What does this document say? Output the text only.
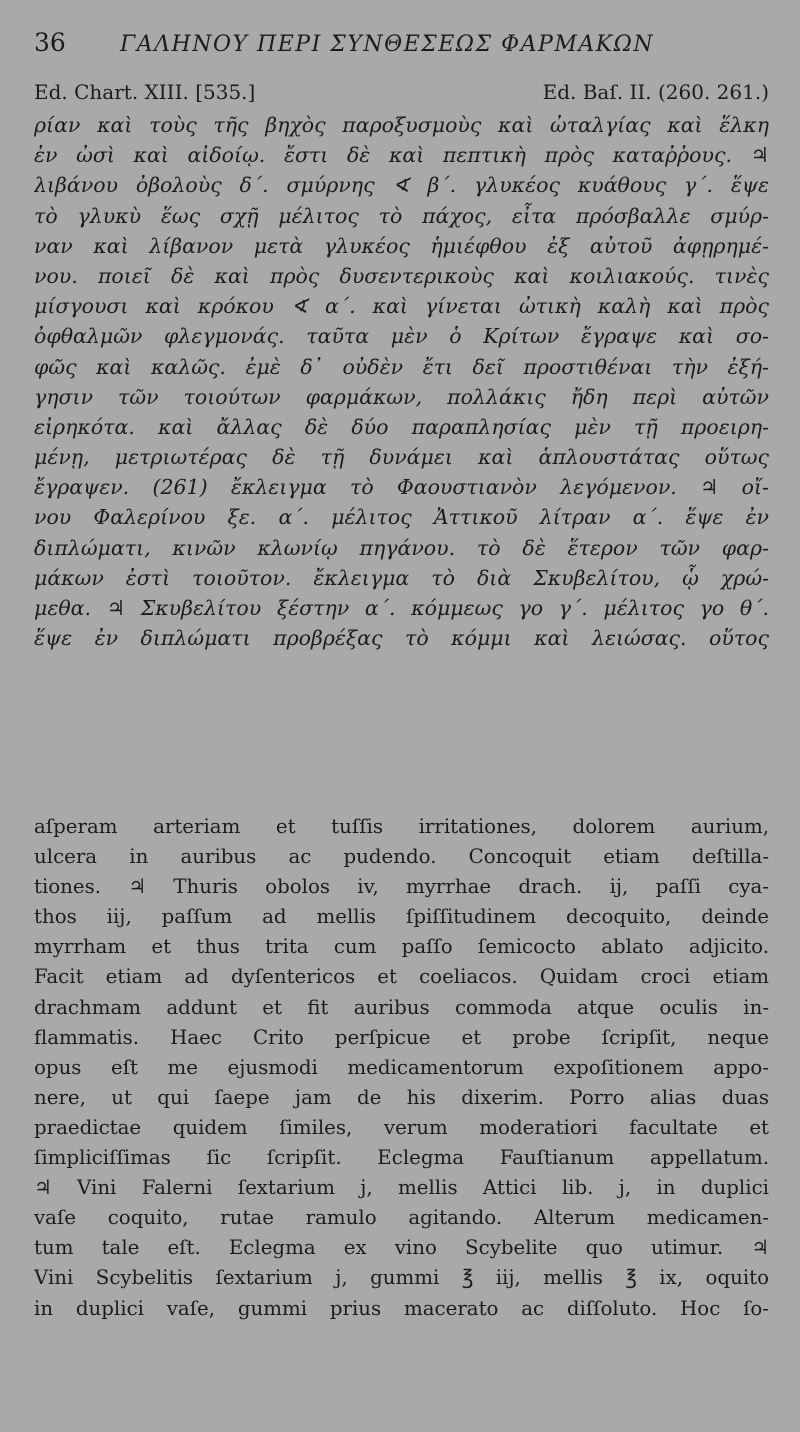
36 ΓΑΛΗΝΟΥ ΠΕΡΙ ΣΥΝΘΕΣΕΩΣ ΦΑΡΜΑΚΩΝ
Ed. Chart. XIII. [535.]	Ed. Baſ. II. (260. 261.)
ρίαν καὶ τοὺς τῆς βηχὸς παροξυσμοὺς καὶ ὠταλγίας καὶ ἕλκη
ἐν ὠσὶ καὶ αἰδοίῳ. ἔστι δὲ καὶ πεπτικὴ πρὸς καταῤῥους. ♃
λιβάνου ὀβολοὺς δ΄. σμύρνης ∢ β΄. γλυκέος κυάθους γ΄. ἕψε
τὸ γλυκὺ ἕως σχῇ μέλιτος τὸ πάχος, εἶτα πρόσβαλλε σμύρ-
ναν καὶ λίβανον μετὰ γλυκέος ἡμιέφθου ἐξ αὐτοῦ ἀφῃρημέ-
νου. ποιεῖ δὲ καὶ πρὸς δυσεντερικοὺς καὶ κοιλιακούς. τινὲς
μίσγουσι καὶ κρόκου ∢ α΄. καὶ γίνεται ὠτικὴ καλὴ καὶ πρὸς
ὀφθαλμῶν φλεγμονάς. ταῦτα μὲν ὁ Κρίτων ἔγραψε καὶ σο-
φῶς καὶ καλῶς. ἐμὲ δ᾽ οὐδὲν ἔτι δεῖ προστιθέναι τὴν ἐξή-
γησιν τῶν τοιούτων φαρμάκων, πολλάκις ἤδη περὶ αὐτῶν
εἰρηκότα. καὶ ἄλλας δὲ δύο παραπλησίας μὲν τῇ προειρη-
μένῃ, μετριωτέρας δὲ τῇ δυνάμει καὶ ἁπλουστάτας οὕτως
ἔγραψεν. (261) ἔκλειγμα τὸ Φαουστιανὸν λεγόμενον. ♃ οἴ-
νου Φαλερίνου ξε. α΄. μέλιτος Ἀττικοῦ λίτραν α΄. ἕψε ἐν
διπλώματι, κινῶν κλωνίῳ πηγάνου. τὸ δὲ ἕτερον τῶν φαρ-
μάκων ἐστὶ τοιοῦτον. ἔκλειγμα τὸ διὰ Σκυβελίτου, ᾧ χρώ-
μεθα. ♃ Σκυβελίτου ξέστην α΄. κόμμεως γο γ΄. μέλιτος γο θ΄.
ἕψε ἐν διπλώματι προβρέξας τὸ κόμμι καὶ λειώσας. οὕτος
aſperam arteriam et tuſſis irritationes, dolorem aurium,
ulcera in auribus ac pudendo. Concoquit etiam deſtilla-
tiones. ♃ Thuris obolos iv, myrrhae drach. ij, paſſi cya-
thos iij, paſſum ad mellis ſpiſſitudinem decoquito, deinde
myrrham et thus trita cum paſſo ſemicocto ablato adjicito.
Facit etiam ad dyſentericos et coeliacos. Quidam croci etiam
drachmam addunt et fit auribus commoda atque oculis in-
flammatis. Haec Crito perſpicue et probe ſcripſit, neque
opus eſt me ejusmodi medicamentorum expoſitionem appo-
nere, ut qui ſaepe jam de his dixerim. Porro alias duas
praedictae quidem ſimiles, verum moderatiori facultate et
ſimpliciſſimas ſic ſcripſit. Eclegma Fauſtianum appellatum.
♃ Vini Falerni ſextarium j, mellis Attici lib. j, in duplici
vaſe coquito, rutae ramulo agitando. Alterum medicamen-
tum tale eſt. Eclegma ex vino Scybelite quo utimur. ♃
Vini Scybelitis ſextarium j, gummi ℥ iij, mellis ℥ ix, oquito
in duplici vaſe, gummi prius macerato ac diſſoluto. Hoc ſo-
